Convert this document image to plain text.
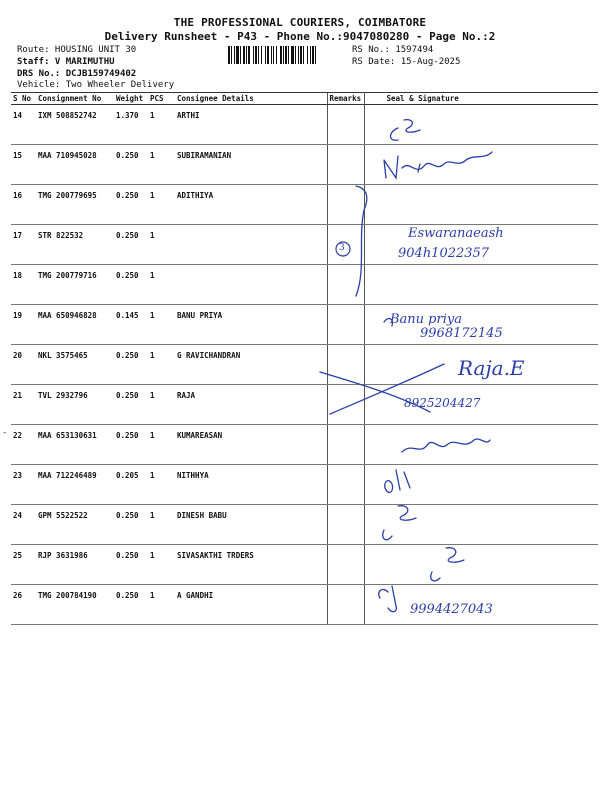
THE PROFESSIONAL COURIERS, COIMBATORE
Delivery Runsheet - P43 - Phone No.:9047080280 - Page No.:2
Route: HOUSING UNIT 30
Staff: V MARIMUTHU
DRS No.: DCJB159749402
Vehicle: Two Wheeler Delivery
RS No.: 1597494
RS Date: 15-Aug-2025
S No	Consignment No	Weight	PCS	Consignee Details	Remarks	Seal & Signature
14	IXM 508852742	1.370	1	ARTHI		
15	MAA 710945028	0.250	1	SUBIRAMANIAN		
16	TMG 200779695	0.250	1	ADITHIYA		
17	STR 822532	0.250	1			
18	TMG 200779716	0.250	1			
19	MAA 650946828	0.145	1	BANU PRIYA		
20	NKL 3575465	0.250	1	G RAVICHANDRAN		
21	TVL 2932796	0.250	1	RAJA		
22	MAA 653130631	0.250	1	KUMAREASAN		
23	MAA 712246489	0.205	1	NITHHYA		
24	GPM 5522522	0.250	1	DINESH BABU		
25	RJP 3631986	0.250	1	SIVASAKTHI TRDERS		
26	TMG 200784190	0.250	1	A GANDHI		
-
3
Eswaranaeash
904h1022357
Banu priya
9968172145
Raja.E
8925204427
9994427043
